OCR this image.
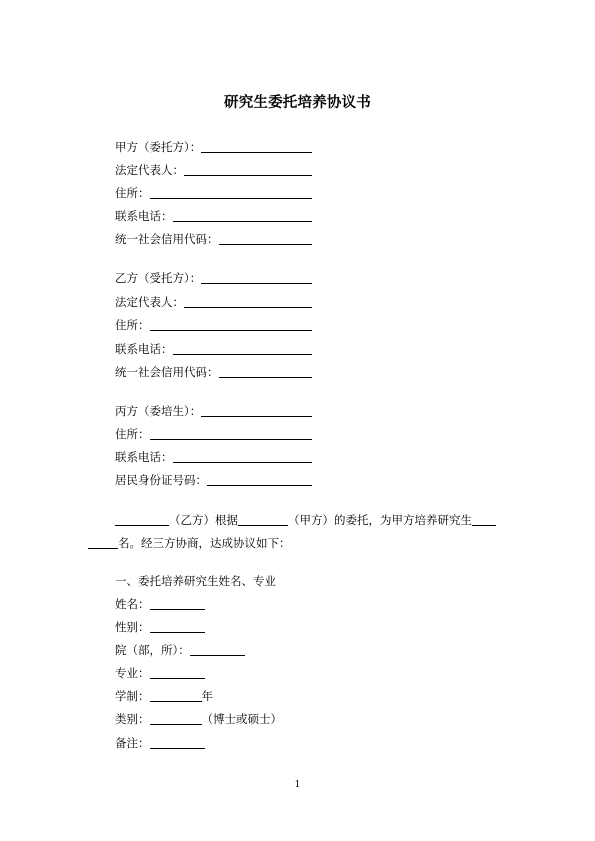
研究生委托培养协议书
甲方（委托方）：
法定代表人：
住所：
联系电话：
统一社会信用代码：
乙方（受托方）：
法定代表人：
住所：
联系电话：
统一社会信用代码：
丙方（委培生）：
住所：
联系电话：
居民身份证号码：
（乙方）根据	（甲方）的委托，为甲方培养研究生
名。经三方协商，达成协议如下：
一、委托培养研究生姓名、专业
姓名：
性别：
院（部，所）：
专业：
学制：	年
类别：	（博士或硕士）
备注：
1
